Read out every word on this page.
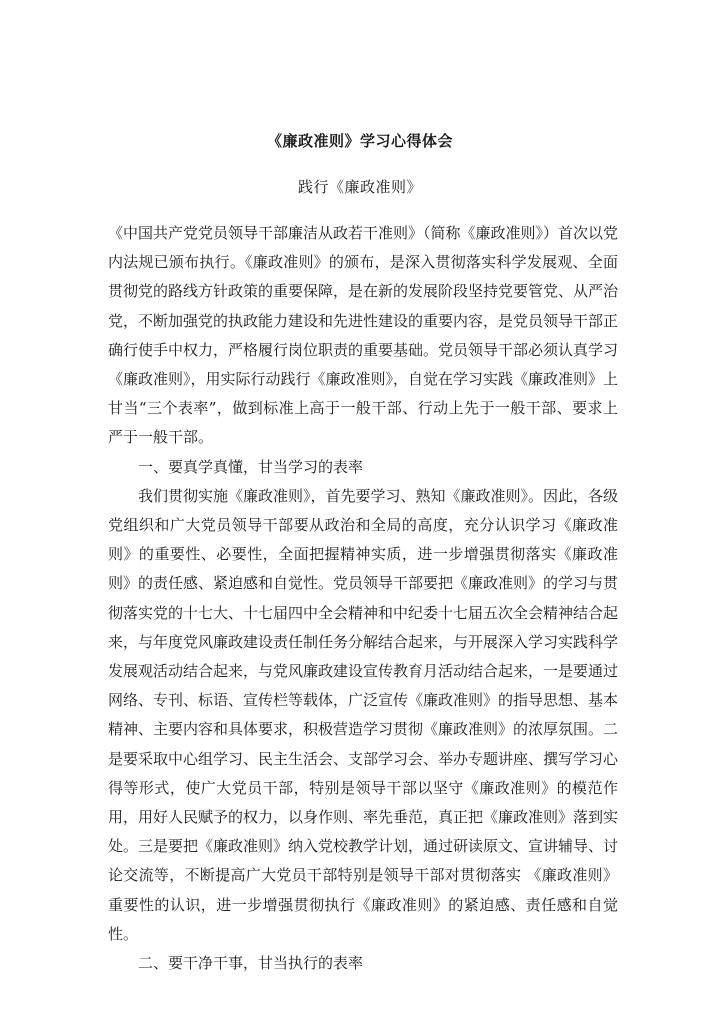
《廉政准则》学习心得体会
践行《廉政准则》

《中国共产党党员领导干部廉洁从政若干准则》（简称《廉政准则》）首次以党内法规已颁布执行。《廉政准则》的颁布，是深入贯彻落实科学发展观、全面贯彻党的路线方针政策的重要保障，是在新的发展阶段坚持党要管党、从严治党，不断加强党的执政能力建设和先进性建设的重要内容，是党员领导干部正确行使手中权力，严格履行岗位职责的重要基础。党员领导干部必须认真学习《廉政准则》，用实际行动践行《廉政准则》，自觉在学习实践《廉政准则》上甘当“三个表率”，做到标准上高于一般干部、行动上先于一般干部、要求上严于一般干部。

一、要真学真懂，甘当学习的表率

我们贯彻实施《廉政准则》，首先要学习、熟知《廉政准则》。因此，各级党组织和广大党员领导干部要从政治和全局的高度，充分认识学习《廉政准则》的重要性、必要性，全面把握精神实质，进一步增强贯彻落实《廉政准则》的责任感、紧迫感和自觉性。党员领导干部要把《廉政准则》的学习与贯彻落实党的十七大、十七届四中全会精神和中纪委十七届五次全会精神结合起来，与年度党风廉政建设责任制任务分解结合起来，与开展深入学习实践科学发展观活动结合起来，与党风廉政建设宣传教育月活动结合起来，一是要通过网络、专刊、标语、宣传栏等载体，广泛宣传《廉政准则》的指导思想、基本精神、主要内容和具体要求，积极营造学习贯彻《廉政准则》的浓厚氛围。二是要采取中心组学习、民主生活会、支部学习会、举办专题讲座、撰写学习心得等形式，使广大党员干部，特别是领导干部以坚守《廉政准则》的模范作用，用好人民赋予的权力，以身作则、率先垂范，真正把《廉政准则》落到实处。三是要把《廉政准则》纳入党校教学计划，通过研读原文、宣讲辅导、讨论交流等，不断提高广大党员干部特别是领导干部对贯彻落实 《廉政准则》重要性的认识，进一步增强贯彻执行《廉政准则》的紧迫感、责任感和自觉性。

二、要干净干事，甘当执行的表率
